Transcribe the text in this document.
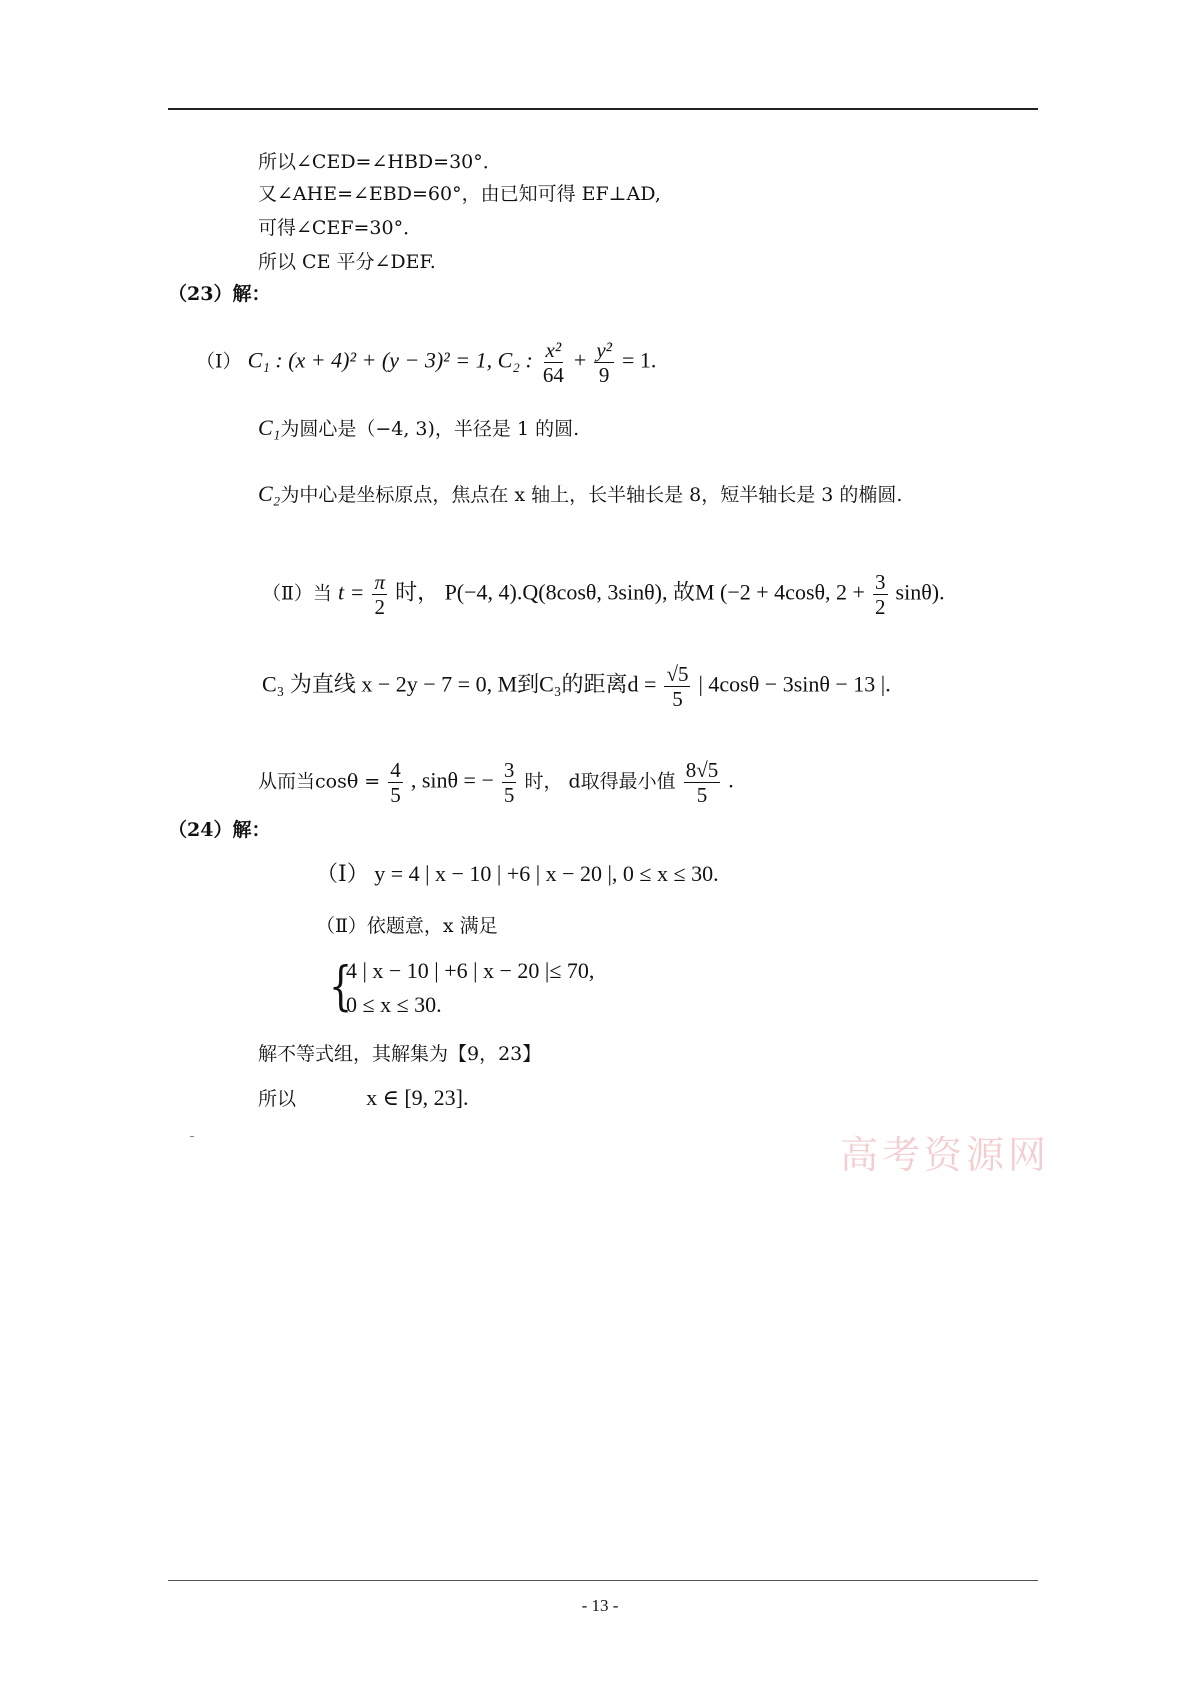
所以∠CED=∠HBD=30°．
又∠AHE=∠EBD=60°，由已知可得 EF⊥AD,
可得∠CEF=30°．
所以 CE 平分∠DEF.
（23）解：
（Ⅰ） C₁ : (x + 4)² + (y − 3)² = 1, C₂ : $\frac{\text{x²}}{64} + \frac{\text{y²}}{9} = 1$.
C₁为圆心是（−4, 3)，半径是 1 的圆.
C₂为中心是坐标原点，焦点在 x 轴上，长半轴长是 8，短半轴长是 3 的椭圆.
（Ⅱ）当 $t = \frac{\pi}{2}$ 时， P(−4, 4).Q(8cosθ, 3sinθ), 故M (−2 + 4cosθ, $2 + \frac{3}{2} \sin\theta$).
C₃ 为直线 x − 2y − 7 = 0, M到C₃的距离$d = \frac{√5}{5}$ | 4cosθ − 3sinθ − 13 |.
从而当$\cos\theta = \frac{4}{5}$ , sinθ = − $\frac{3}{5}$ 时， d取得最小值 $\frac{8√5}{5}$ .
（24）解：
（Ⅰ） y = 4 | x − 10 | +6 | x − 20 |, 0 ≤ x ≤ 30.
（Ⅱ）依题意，x 满足
{
4 | x − 10 | +6 | x − 20 |≤ 70,
0 ≤ x ≤ 30.
解不等式组，其解集为【9，23】
所以	x ∈ [9, 23].
高考资源网
- 13 -
